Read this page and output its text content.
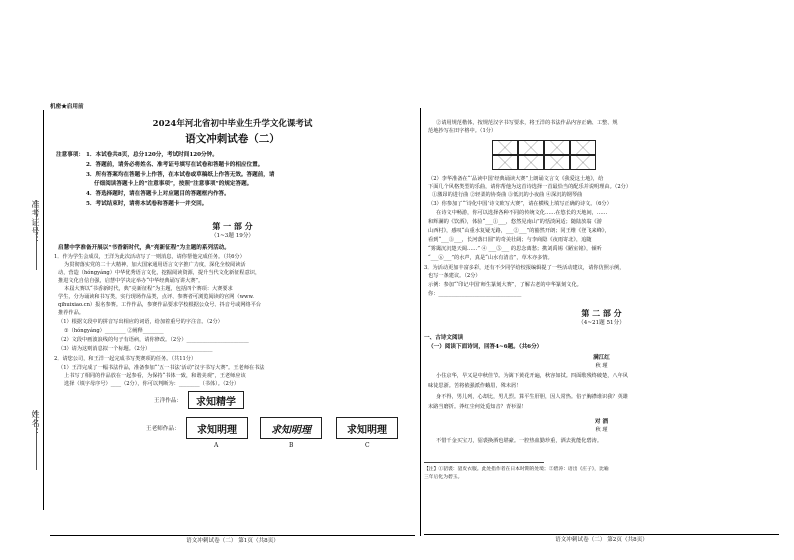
机密★启用前
2024年河北省初中毕业生升学文化课考试
语文冲刺试卷（二）
注意事项： 1．本试卷共8页，总分120分，考试时间120分钟。
2．答题前，请务必将姓名、准考证号填写在试卷和答题卡的相应位置。
3．所有答案均在答题卡上作答，在本试卷或草稿纸上作答无效。答题前，请
仔细阅读答题卡上的“注意事项”，按照“注意事项”的规定答题。
4．答选择题时，请在答题卡上对应题目的答题框内作答。
5．考试结束时，请将本试卷和答题卡一并交回。
第 一 部 分
（1~3题 19分）
启慧中学准备开展以“书香新时代，典”亮新征程”为主题的系列活动。
1．作为学生会成员，王洋为此次活动写了一则消息，请你帮他完成任务。（共6分）
为贯彻落实党的二十大精神，加大国家通用语言文字推广力度，深化全校阅读活
动，营造（hóngyáng）中华优秀语言文化，挖掘阅读资源，提升当代文化新征程意识，
推进文化自信自强，启慧中学决定举办“中华经典诵写讲大赛”。
本届大赛以“书香新时代，典”亮新征程”为主题，包括四个赛项：大赛要求
学生，分为诵读和书写类，实行现场作品类，点评、参赛者可浏览阅读的官网（www.
qihuixiao.cn）报名参赛。工作作品，参赛作品要求学校根据公众号、抖音号或网络平台
推荐作品。
（1）根据文段中的拼音写出相应的词语，给加着重号的字注音。（2分）
①（hóngyáng）________ ②阐释________
（2）文段中画波浪线的句子有语病，请你修改。（2分）________________________
（3）请为这则消息拟一个标题。（2分）________________________
2．请您公司，和王洋一起完成书写类赛项的任务。（共11分）
（1）王洋完成了一幅书法作品，准备参加“‘五一书法’活动”汉字书写大赛”。王老师在书法
上书写了相同的作品放在一起参看，为保持“书体一致，和谐美观”，王老师应该
选择（填字母序号）____（2分），你可以判断为：________（书体）。（2分）
王洋作品：	求知精学
王老师作品：	求知明理	求知明理	求知明理
A	B	C
语文冲刺试卷（二） 第1页（共8页）
②请用规范楷体，按规范汉字书写要求，将王洋的书法作品内容正确、工整、规
范地抄写在田字格中。（1分）
（2）李华准备在“‘品读中国’经典诵读大赛”上朗诵文言文《我爱这土地》，给
下面几个风格类型的乐曲，请你帮他为这首诗选择一首最恰当的配乐并说明理由。（2分）
①激昂的进行曲 ②轻柔的协奏曲 ③低沉的小夜曲 ④深沉的钢琴曲
（3）你参加了“‘诗化中国’诗文欧写大赛”，请在横线上填写正确的诗文。（6分）
在诗文中畅游，你可以选择各种不同的传统文化……在悠长的天地间，……
和辉澜的《饮酒》，体验“___①___，悠然见南山”的恬淡闲适；随陆放翁《游
山西村》，感叹“山重水复疑无路，___②___”的豁然开朗；同王维《登飞来峰》，
看到“___③___，长河落日圆”的奇美壮阔；与李商隐《夜雨寄北》，追随
“雾霭沉沉楚天阔……” ④ ___⑤___ 的思念离愁；携刘禹锡《陋室铭》，倾听
“___⑥___”的水声，真是“山水有清音”，草木亦多情。
3．为活动更加丰富多彩，还有不少同学给校报编辑提了一些活动建议，请你仿照示例，
也写一条建议。（2分）
示例：参加“‘印记中国’师生篆刻大赛”，了解古老的中华篆刻文化。
你：________________________________
第 二 部 分
（4~21题 51分）
一、古诗文阅读
（一）阅读下面诗词，回答4~6题。（共6分）
满江红
秋 瑾
小住京华，早又是中秋佳节。为篱下黄花开遍，秋容如拭。四面歌残终破楚，八年风
味徒思浙。苦将侬强派作蛾眉，殊未屑！
身不得，男儿列，心却比，男儿烈。算平生肝胆，因人常热。俗子胸襟谁识我？英雄
末路当磨折。莽红尘何处觅知音？青衫湿！
对 酒
秋 瑾
不惜千金买宝刀，貂裘换酒也堪豪。一腔热血勤珍重，洒去犹能化碧涛。
【注】①貂裘：貂皮衣服。此处指作者在日本时期的处境；②碧涛：语出《庄子》，比喻
三年后化为碧玉。
语文冲刺试卷（二） 第2页（共8页）
